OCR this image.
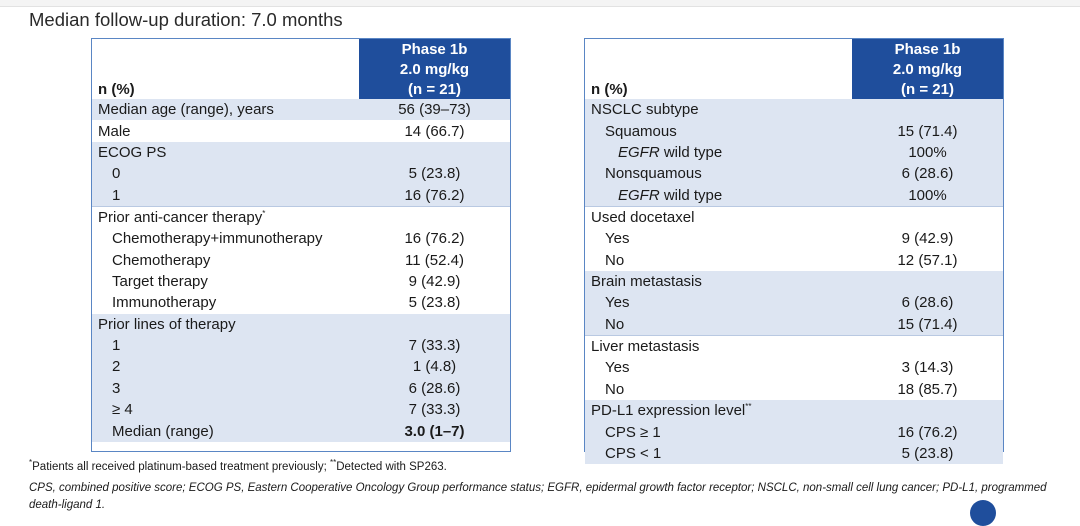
Median follow-up duration: 7.0 months
n (%)
Phase 1b
2.0 mg/kg
(n = 21)
Median age (range), years	56 (39–73)
Male	14 (66.7)
ECOG PS
0	5 (23.8)
1	16 (76.2)
Prior anti-cancer therapy*
Chemotherapy+immunotherapy	16 (76.2)
Chemotherapy	11 (52.4)
Target therapy	9 (42.9)
Immunotherapy	5 (23.8)
Prior lines of therapy
1	7 (33.3)
2	1 (4.8)
3	6 (28.6)
≥ 4	7 (33.3)
Median (range)	3.0 (1–7)
n (%)
Phase 1b
2.0 mg/kg
(n = 21)
NSCLC subtype
Squamous	15 (71.4)
EGFR wild type	100%
Nonsquamous	6 (28.6)
EGFR wild type	100%
Used docetaxel
Yes	9 (42.9)
No	12 (57.1)
Brain metastasis
Yes	6 (28.6)
No	15 (71.4)
Liver metastasis
Yes	3 (14.3)
No	18 (85.7)
PD-L1 expression level**
CPS ≥ 1	16 (76.2)
CPS < 1	5 (23.8)
*Patients all received platinum-based treatment previously; **Detected with SP263.
CPS, combined positive score; ECOG PS, Eastern Cooperative Oncology Group performance status; EGFR, epidermal growth factor receptor; NSCLC, non-small cell lung cancer; PD-L1, programmed death-ligand 1.
